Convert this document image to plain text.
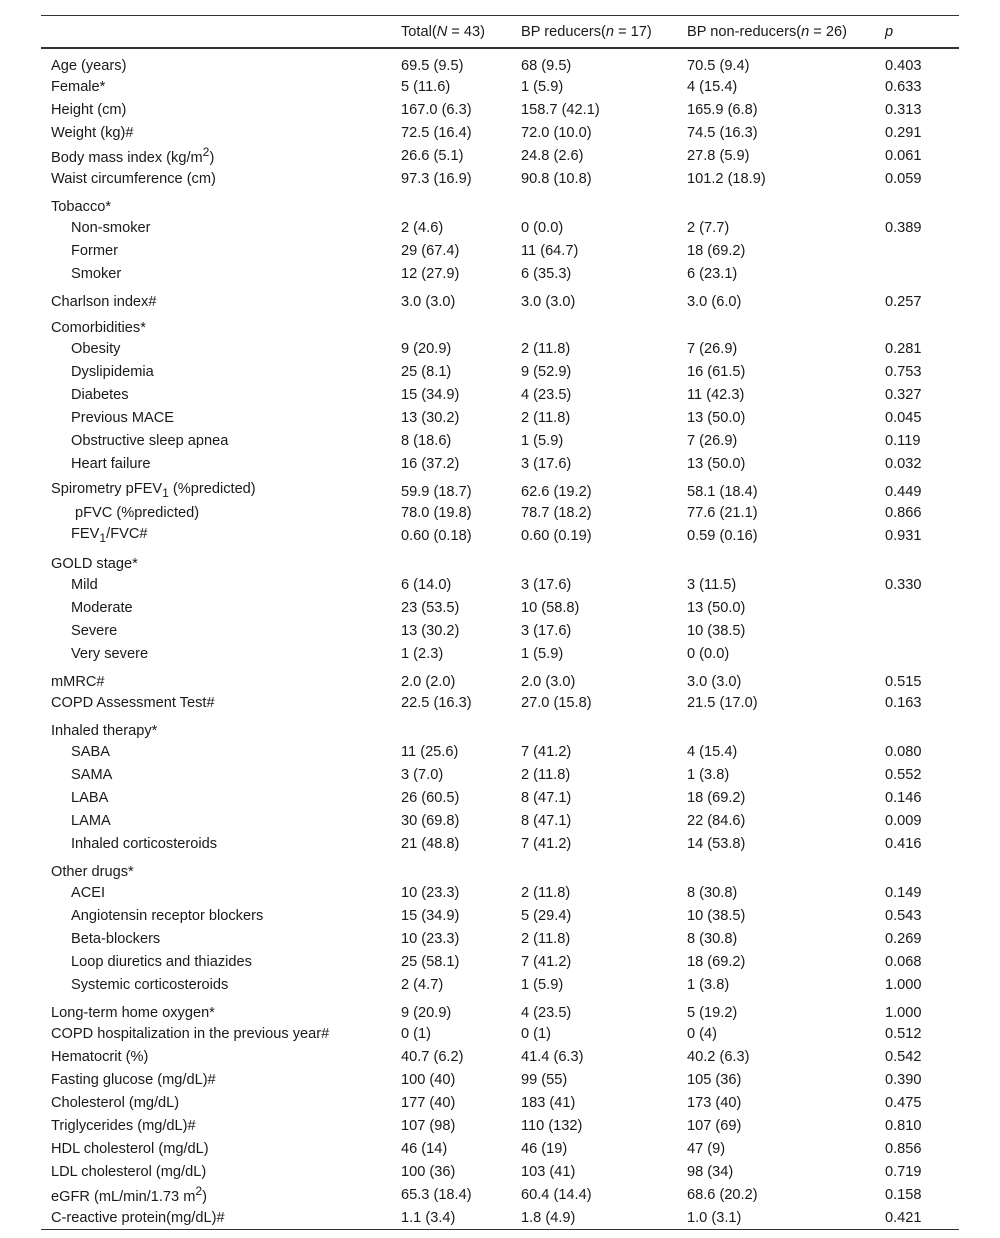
	Total(N = 43)	BP reducers(n = 17)	BP non-reducers(n = 26)	p
Age (years)	69.5 (9.5)	68 (9.5)	70.5 (9.4)	0.403
Female*	5 (11.6)	1 (5.9)	4 (15.4)	0.633
Height (cm)	167.0 (6.3)	158.7 (42.1)	165.9 (6.8)	0.313
Weight (kg)#	72.5 (16.4)	72.0 (10.0)	74.5 (16.3)	0.291
Body mass index $(kg/m^2)$	26.6 (5.1)	24.8 (2.6)	27.8 (5.9)	0.061
Waist circumference (cm)	97.3 (16.9)	90.8 (10.8)	101.2 (18.9)	0.059
Tobacco*				
Non-smoker	2 (4.6)	0 (0.0)	2 (7.7)	0.389
Former	29 (67.4)	11 (64.7)	18 (69.2)	
Smoker	12 (27.9)	6 (35.3)	6 (23.1)	
Charlson index#	3.0 (3.0)	3.0 (3.0)	3.0 (6.0)	0.257
Comorbidities*				
Obesity	9 (20.9)	2 (11.8)	7 (26.9)	0.281
Dyslipidemia	25 (8.1)	9 (52.9)	16 (61.5)	0.753
Diabetes	15 (34.9)	4 (23.5)	11 (42.3)	0.327
Previous MACE	13 (30.2)	2 (11.8)	13 (50.0)	0.045
Obstructive sleep apnea	8 (18.6)	1 (5.9)	7 (26.9)	0.119
Heart failure	16 (37.2)	3 (17.6)	13 (50.0)	0.032
Spirometry pFEV$_1$ (%predicted)	59.9 (18.7)	62.6 (19.2)	58.1 (18.4)	0.449
pFVC (%predicted)	78.0 (19.8)	78.7 (18.2)	77.6 (21.1)	0.866
$FEV_1/FVC\#$	0.60 (0.18)	0.60 (0.19)	0.59 (0.16)	0.931
GOLD stage*				
Mild	6 (14.0)	3 (17.6)	3 (11.5)	0.330
Moderate	23 (53.5)	10 (58.8)	13 (50.0)	
Severe	13 (30.2)	3 (17.6)	10 (38.5)	
Very severe	1 (2.3)	1 (5.9)	0 (0.0)	
mMRC#	2.0 (2.0)	2.0 (3.0)	3.0 (3.0)	0.515
COPD Assessment Test#	22.5 (16.3)	27.0 (15.8)	21.5 (17.0)	0.163
Inhaled therapy*				
SABA	11 (25.6)	7 (41.2)	4 (15.4)	0.080
SAMA	3 (7.0)	2 (11.8)	1 (3.8)	0.552
LABA	26 (60.5)	8 (47.1)	18 (69.2)	0.146
LAMA	30 (69.8)	8 (47.1)	22 (84.6)	0.009
Inhaled corticosteroids	21 (48.8)	7 (41.2)	14 (53.8)	0.416
Other drugs*				
ACEI	10 (23.3)	2 (11.8)	8 (30.8)	0.149
Angiotensin receptor blockers	15 (34.9)	5 (29.4)	10 (38.5)	0.543
Beta-blockers	10 (23.3)	2 (11.8)	8 (30.8)	0.269
Loop diuretics and thiazides	25 (58.1)	7 (41.2)	18 (69.2)	0.068
Systemic corticosteroids	2 (4.7)	1 (5.9)	1 (3.8)	1.000
Long-term home oxygen*	9 (20.9)	4 (23.5)	5 (19.2)	1.000
COPD hospitalization in the previous year#	0 (1)	0 (1)	0 (4)	0.512
Hematocrit (%)	40.7 (6.2)	41.4 (6.3)	40.2 (6.3)	0.542
Fasting glucose (mg/dL)#	100 (40)	99 (55)	105 (36)	0.390
Cholesterol (mg/dL)	177 (40)	183 (41)	173 (40)	0.475
Triglycerides (mg/dL)#	107 (98)	110 (132)	107 (69)	0.810
HDL cholesterol (mg/dL)	46 (14)	46 (19)	47 (9)	0.856
LDL cholesterol (mg/dL)	100 (36)	103 (41)	98 (34)	0.719
eGFR (mL/min/1.73 $m^2$)	65.3 (18.4)	60.4 (14.4)	68.6 (20.2)	0.158
C-reactive protein(mg/dL)#	1.1 (3.4)	1.8 (4.9)	1.0 (3.1)	0.421
